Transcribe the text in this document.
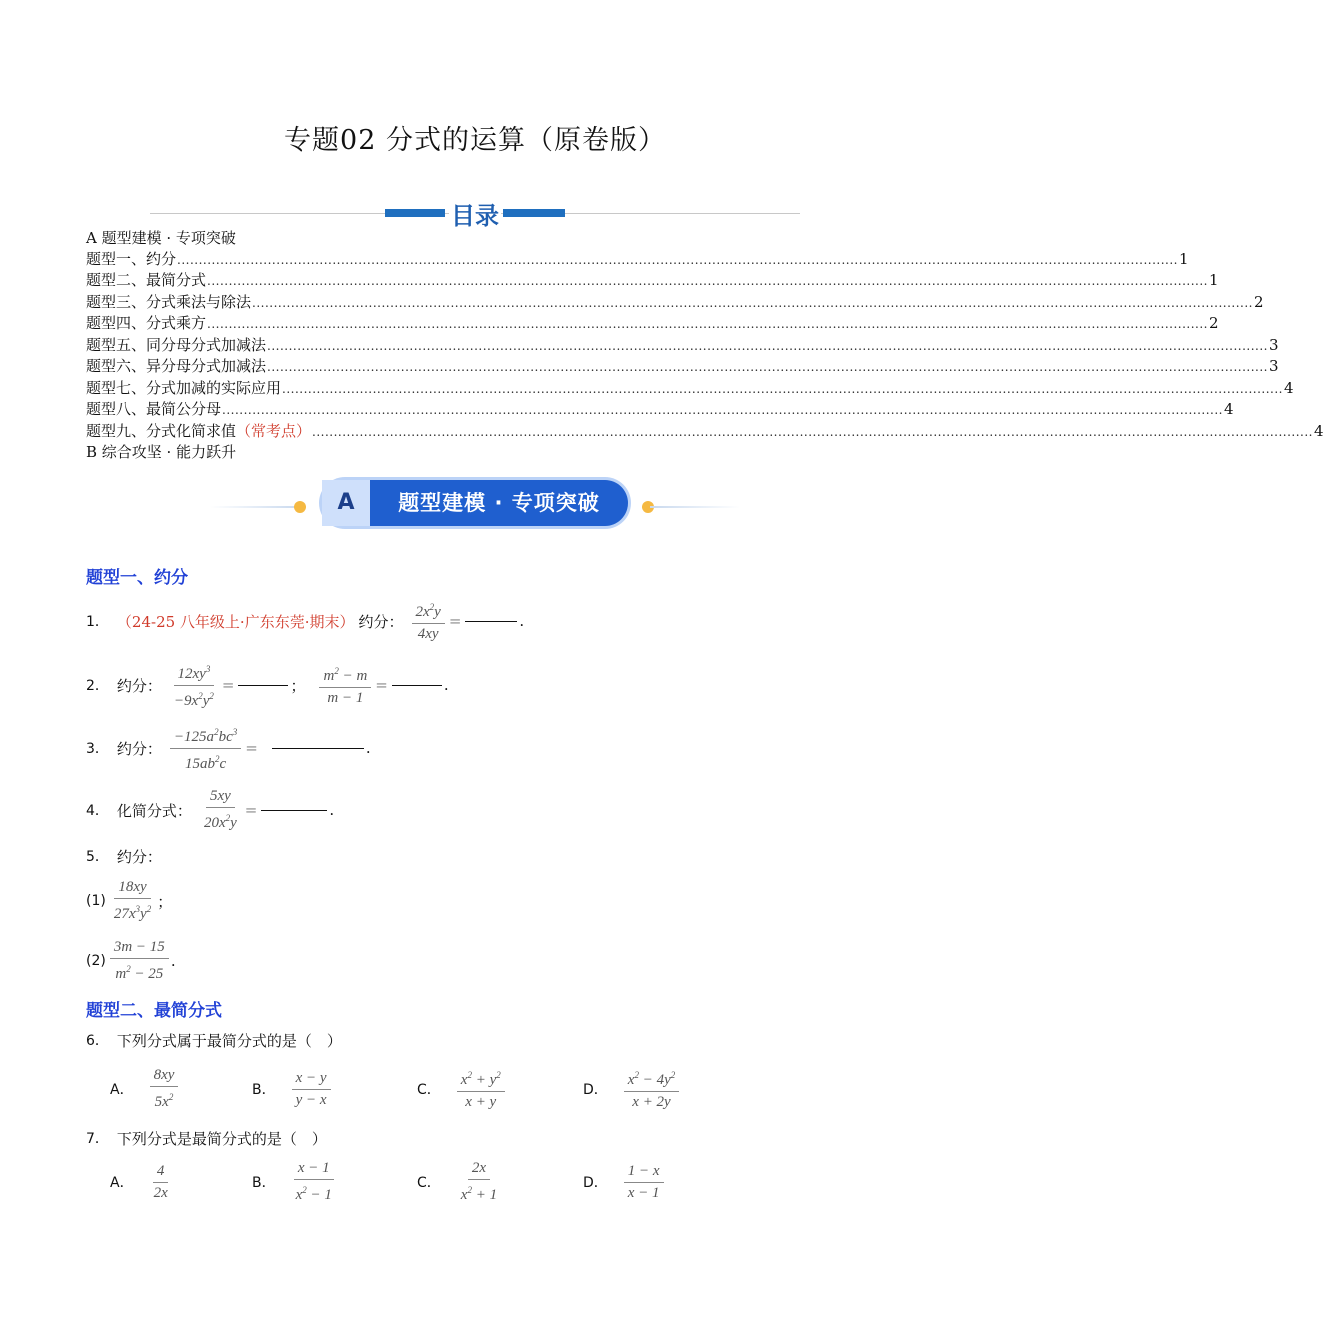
专题02 分式的运算（原卷版）
目录
A 题型建模 · 专项突破
题型一、约分 ........................................................................................................................................................................................................................................ 1
题型二、最简分式 ........................................................................................................................................................................................................................................ 1
题型三、分式乘法与除法 ........................................................................................................................................................................................................................................ 2
题型四、分式乘方 ........................................................................................................................................................................................................................................ 2
题型五、同分母分式加减法 ........................................................................................................................................................................................................................................ 3
题型六、异分母分式加减法 ........................................................................................................................................................................................................................................ 3
题型七、分式加减的实际应用 ........................................................................................................................................................................................................................................ 4
题型八、最简公分母 ........................................................................................................................................................................................................................................ 4
题型九、分式化简求值 （常考点） ........................................................................................................................................................................................................................................ 4
B 综合攻坚 · 能力跃升
A	题型建模 · 专项突破
题型一、约分
1． （24-25 八年级上·广东东莞·期末） 约分： $\frac{2x^2y}{4xy}$ =	.
2． 约分： $\frac{12xy^3}{-9x^2y^2}$ =	； $\frac{m^2 - m}{m - 1}$ =	.
3． 约分： $\frac{-125a^2bc^3}{15ab^2c}$ =	.
4． 化简分式： $\frac{5xy}{20x^2y}$ =	.
5． 约分：
$(1) \frac{18xy}{27x^3y^2}$ ；
$(2) \frac{3m - 15}{m^2 - 25}$ .
题型二、最简分式
6． 下列分式属于最简分式的是（　）
A． $\frac{8xy}{5x^2}$	B． $\frac{x - y}{y - x}$	C． $\frac{x^2 + y^2}{x + y}$	D． $\frac{x^2 - 4y^2}{x + 2y}$
7． 下列分式是最简分式的是（　）
A． $\frac{4}{2x}$	B． $\frac{x - 1}{x^2 - 1}$	C． $\frac{2x}{x^2 + 1}$	D． $\frac{1 - x}{x - 1}$
